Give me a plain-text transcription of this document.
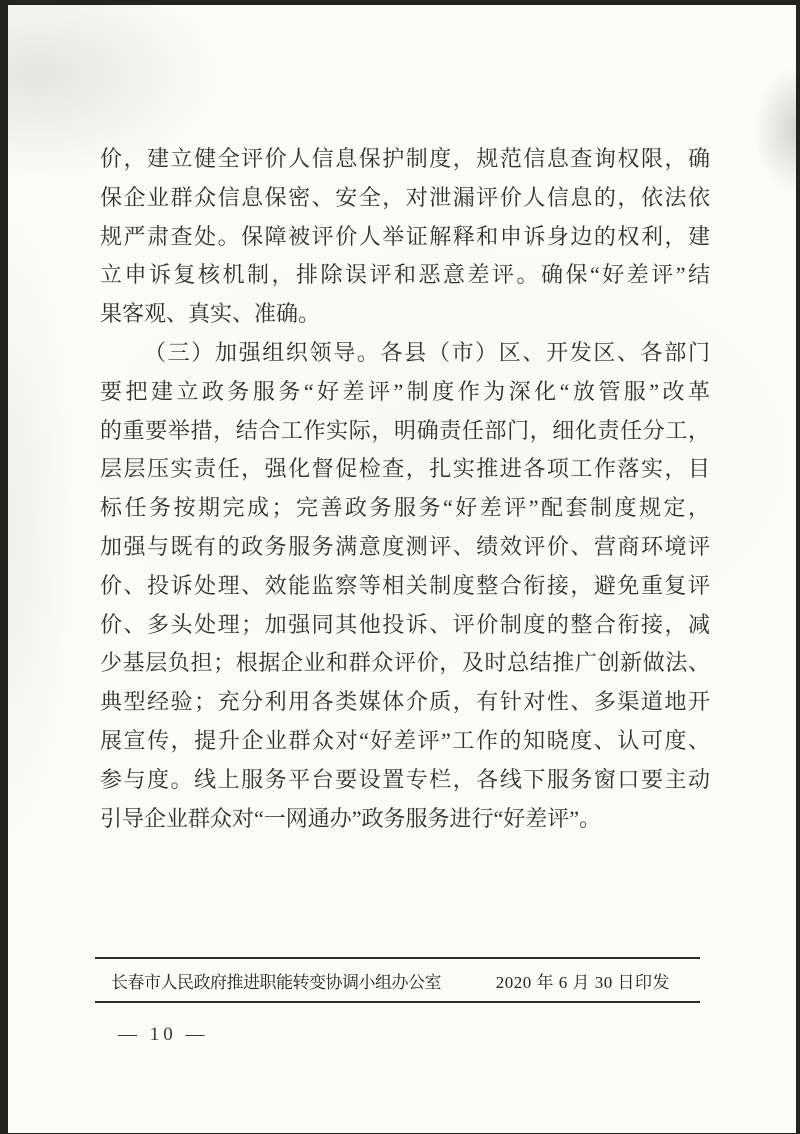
价，建立健全评价人信息保护制度，规范信息查询权限，确
保企业群众信息保密、安全，对泄漏评价人信息的，依法依
规严肃查处。保障被评价人举证解释和申诉身边的权利，建
立申诉复核机制，排除误评和恶意差评。确保“好差评”结
果客观、真实、准确。
（三）加强组织领导。各县（市）区、开发区、各部门
要把建立政务服务“好差评”制度作为深化“放管服”改革
的重要举措，结合工作实际，明确责任部门，细化责任分工，
层层压实责任，强化督促检查，扎实推进各项工作落实，目
标任务按期完成；完善政务服务“好差评”配套制度规定，
加强与既有的政务服务满意度测评、绩效评价、营商环境评
价、投诉处理、效能监察等相关制度整合衔接，避免重复评
价、多头处理；加强同其他投诉、评价制度的整合衔接，减
少基层负担；根据企业和群众评价，及时总结推广创新做法、
典型经验；充分利用各类媒体介质，有针对性、多渠道地开
展宣传，提升企业群众对“好差评”工作的知晓度、认可度、
参与度。线上服务平台要设置专栏，各线下服务窗口要主动
引导企业群众对“一网通办”政务服务进行“好差评”。
长春市人民政府推进职能转变协调小组办公室	2020 年 6 月 30 日印发
— 10 —
